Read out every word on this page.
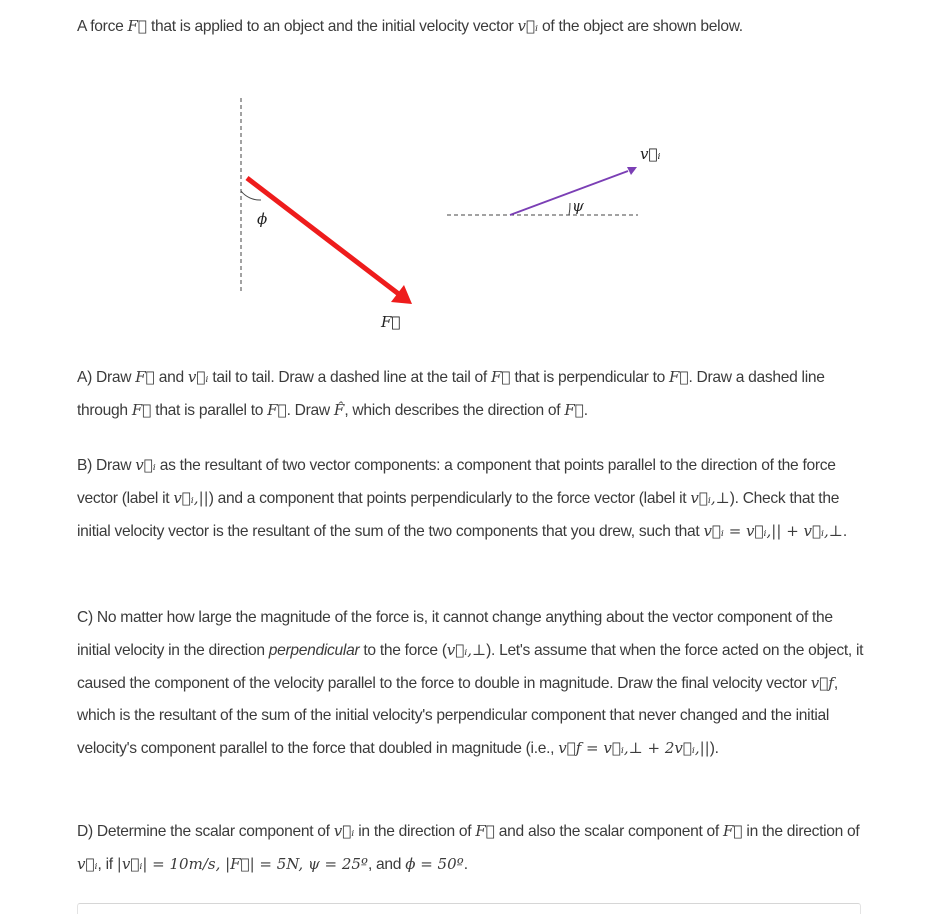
A force F⃗ that is applied to an object and the initial velocity vector v⃗ᵢ of the object are shown below.
ϕ
F⃗
ψ
v⃗ᵢ
A) Draw F⃗ and v⃗ᵢ tail to tail. Draw a dashed line at the tail of F⃗ that is perpendicular to F⃗. Draw a dashed line through F⃗ that is parallel to F⃗. Draw F̂, which describes the direction of F⃗.
B) Draw v⃗ᵢ as the resultant of two vector components: a component that points parallel to the direction of the force vector (label it v⃗ᵢ,||) and a component that points perpendicularly to the force vector (label it v⃗ᵢ,⊥). Check that the initial velocity vector is the resultant of the sum of the two components that you drew, such that v⃗ᵢ = v⃗ᵢ,|| + v⃗ᵢ,⊥.
C) No matter how large the magnitude of the force is, it cannot change anything about the vector component of the initial velocity in the direction perpendicular to the force (v⃗ᵢ,⊥). Let's assume that when the force acted on the object, it caused the component of the velocity parallel to the force to double in magnitude. Draw the final velocity vector v⃗f, which is the resultant of the sum of the initial velocity's perpendicular component that never changed and the initial velocity's component parallel to the force that doubled in magnitude (i.e., v⃗f = v⃗ᵢ,⊥ + 2v⃗ᵢ,||).
D) Determine the scalar component of v⃗ᵢ in the direction of F⃗ and also the scalar component of F⃗ in the direction of v⃗ᵢ, if |v⃗ᵢ| = 10m/s, |F⃗| = 5N, ψ = 25º, and ϕ = 50º.
